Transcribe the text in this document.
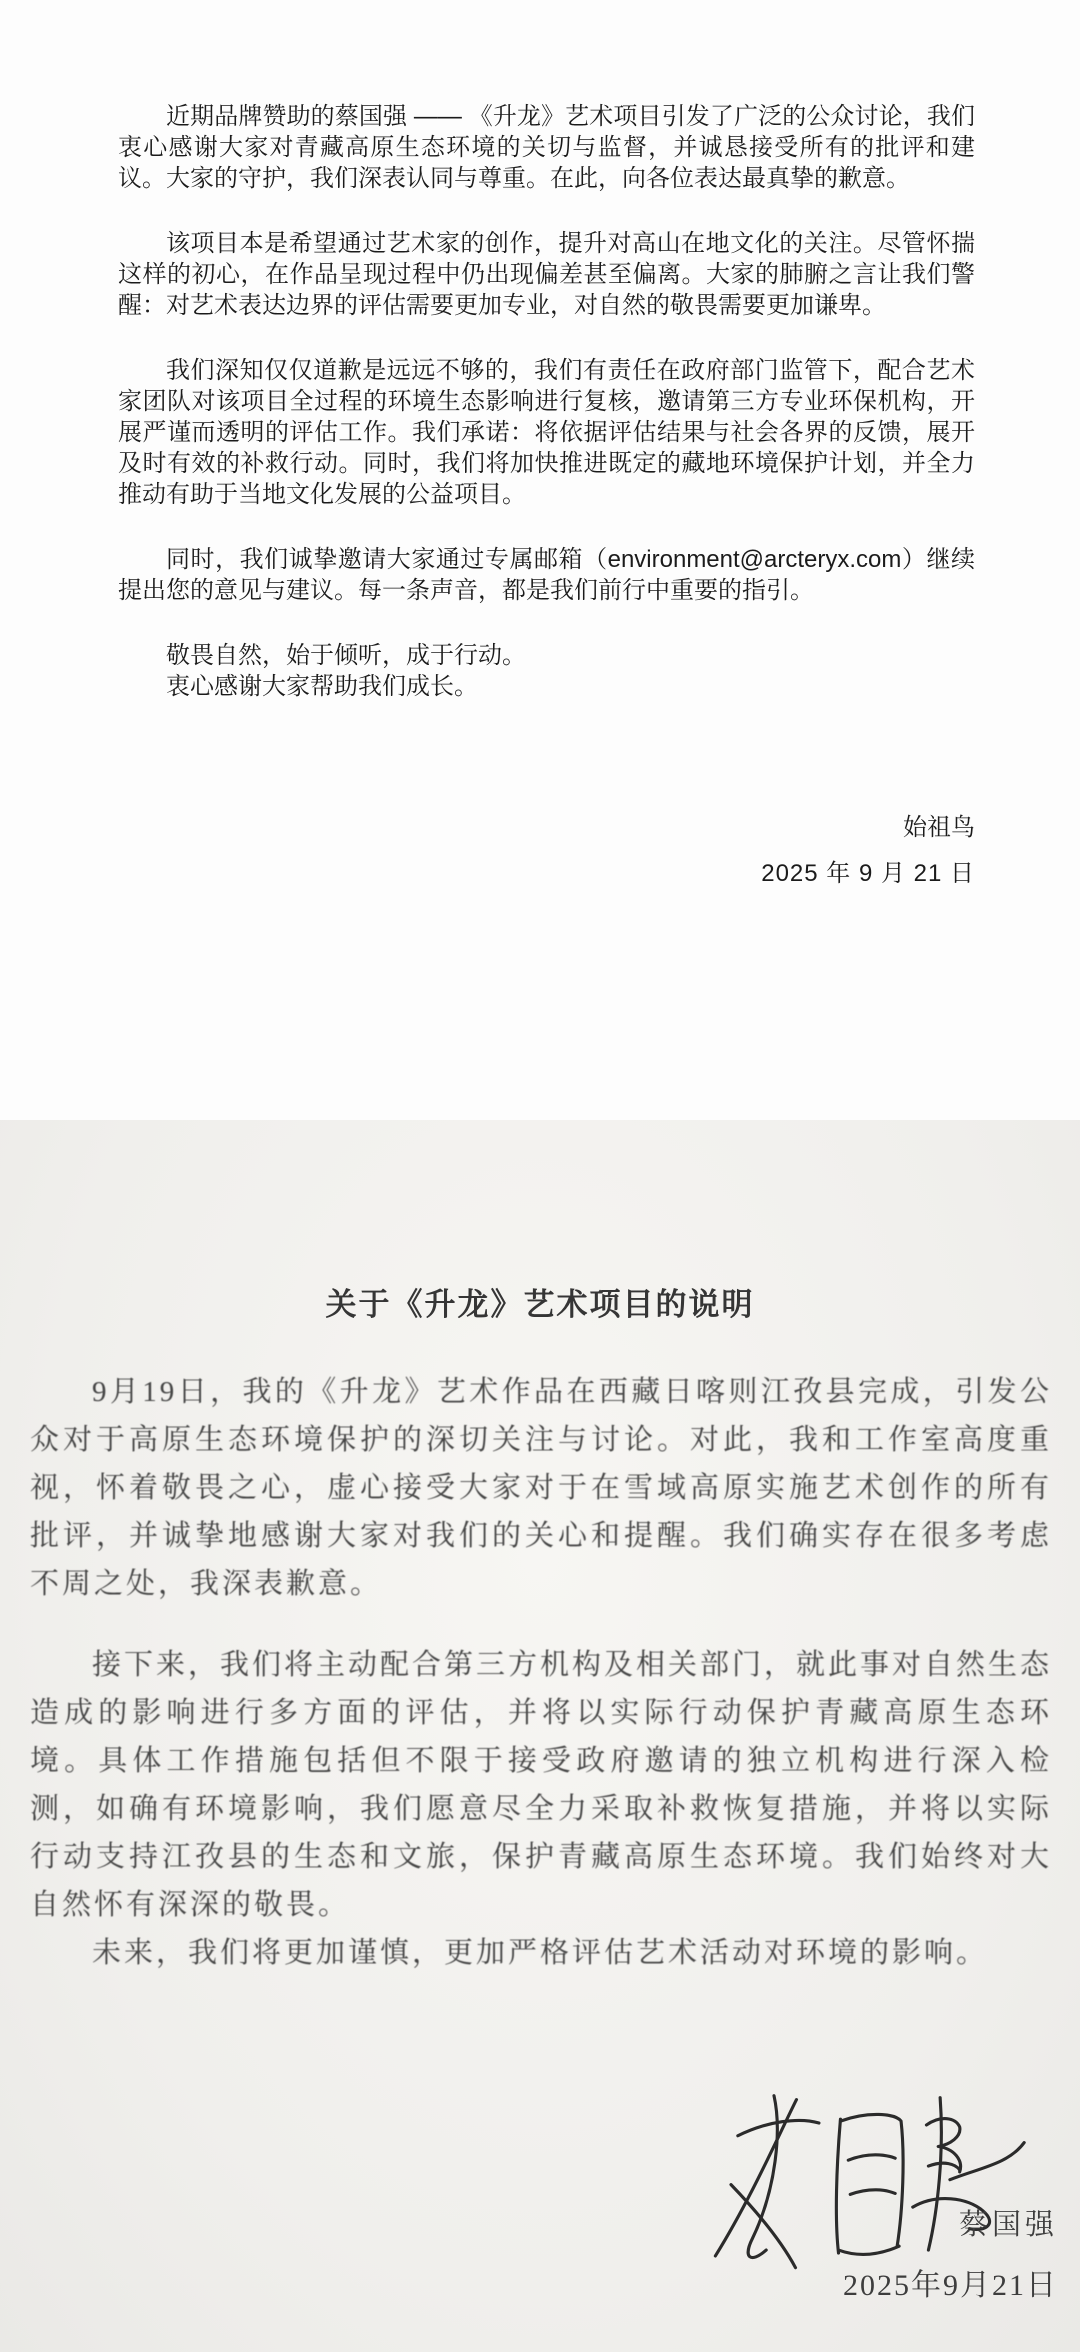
近期品牌赞助的蔡国强 —— 《升龙》艺术项目引发了广泛的公众讨论，我们衷心感谢大家对青藏高原生态环境的关切与监督，并诚恳接受所有的批评和建议。大家的守护，我们深表认同与尊重。在此，向各位表达最真挚的歉意。

该项目本是希望通过艺术家的创作，提升对高山在地文化的关注。尽管怀揣这样的初心，在作品呈现过程中仍出现偏差甚至偏离。大家的肺腑之言让我们警醒：对艺术表达边界的评估需要更加专业，对自然的敬畏需要更加谦卑。

我们深知仅仅道歉是远远不够的，我们有责任在政府部门监管下，配合艺术家团队对该项目全过程的环境生态影响进行复核，邀请第三方专业环保机构，开展严谨而透明的评估工作。我们承诺：将依据评估结果与社会各界的反馈，展开及时有效的补救行动。同时，我们将加快推进既定的藏地环境保护计划，并全力推动有助于当地文化发展的公益项目。

同时，我们诚挚邀请大家通过专属邮箱（environment@arcteryx.com）继续提出您的意见与建议。每一条声音，都是我们前行中重要的指引。

敬畏自然，始于倾听，成于行动。

衷心感谢大家帮助我们成长。

始祖鸟
2025 年 9 月 21 日
关于《升龙》艺术项目的说明
9月19日，我的《升龙》艺术作品在西藏日喀则江孜县完成，引发公众对于高原生态环境保护的深切关注与讨论。对此，我和工作室高度重视，怀着敬畏之心，虚心接受大家对于在雪域高原实施艺术创作的所有批评，并诚挚地感谢大家对我们的关心和提醒。我们确实存在很多考虑不周之处，我深表歉意。
接下来，我们将主动配合第三方机构及相关部门，就此事对自然生态造成的影响进行多方面的评估，并将以实际行动保护青藏高原生态环境。具体工作措施包括但不限于接受政府邀请的独立机构进行深入检测，如确有环境影响，我们愿意尽全力采取补救恢复措施，并将以实际行动支持江孜县的生态和文旅，保护青藏高原生态环境。我们始终对大自然怀有深深的敬畏。
未来，我们将更加谨慎，更加严格评估艺术活动对环境的影响。
蔡国强
2025年9月21日
